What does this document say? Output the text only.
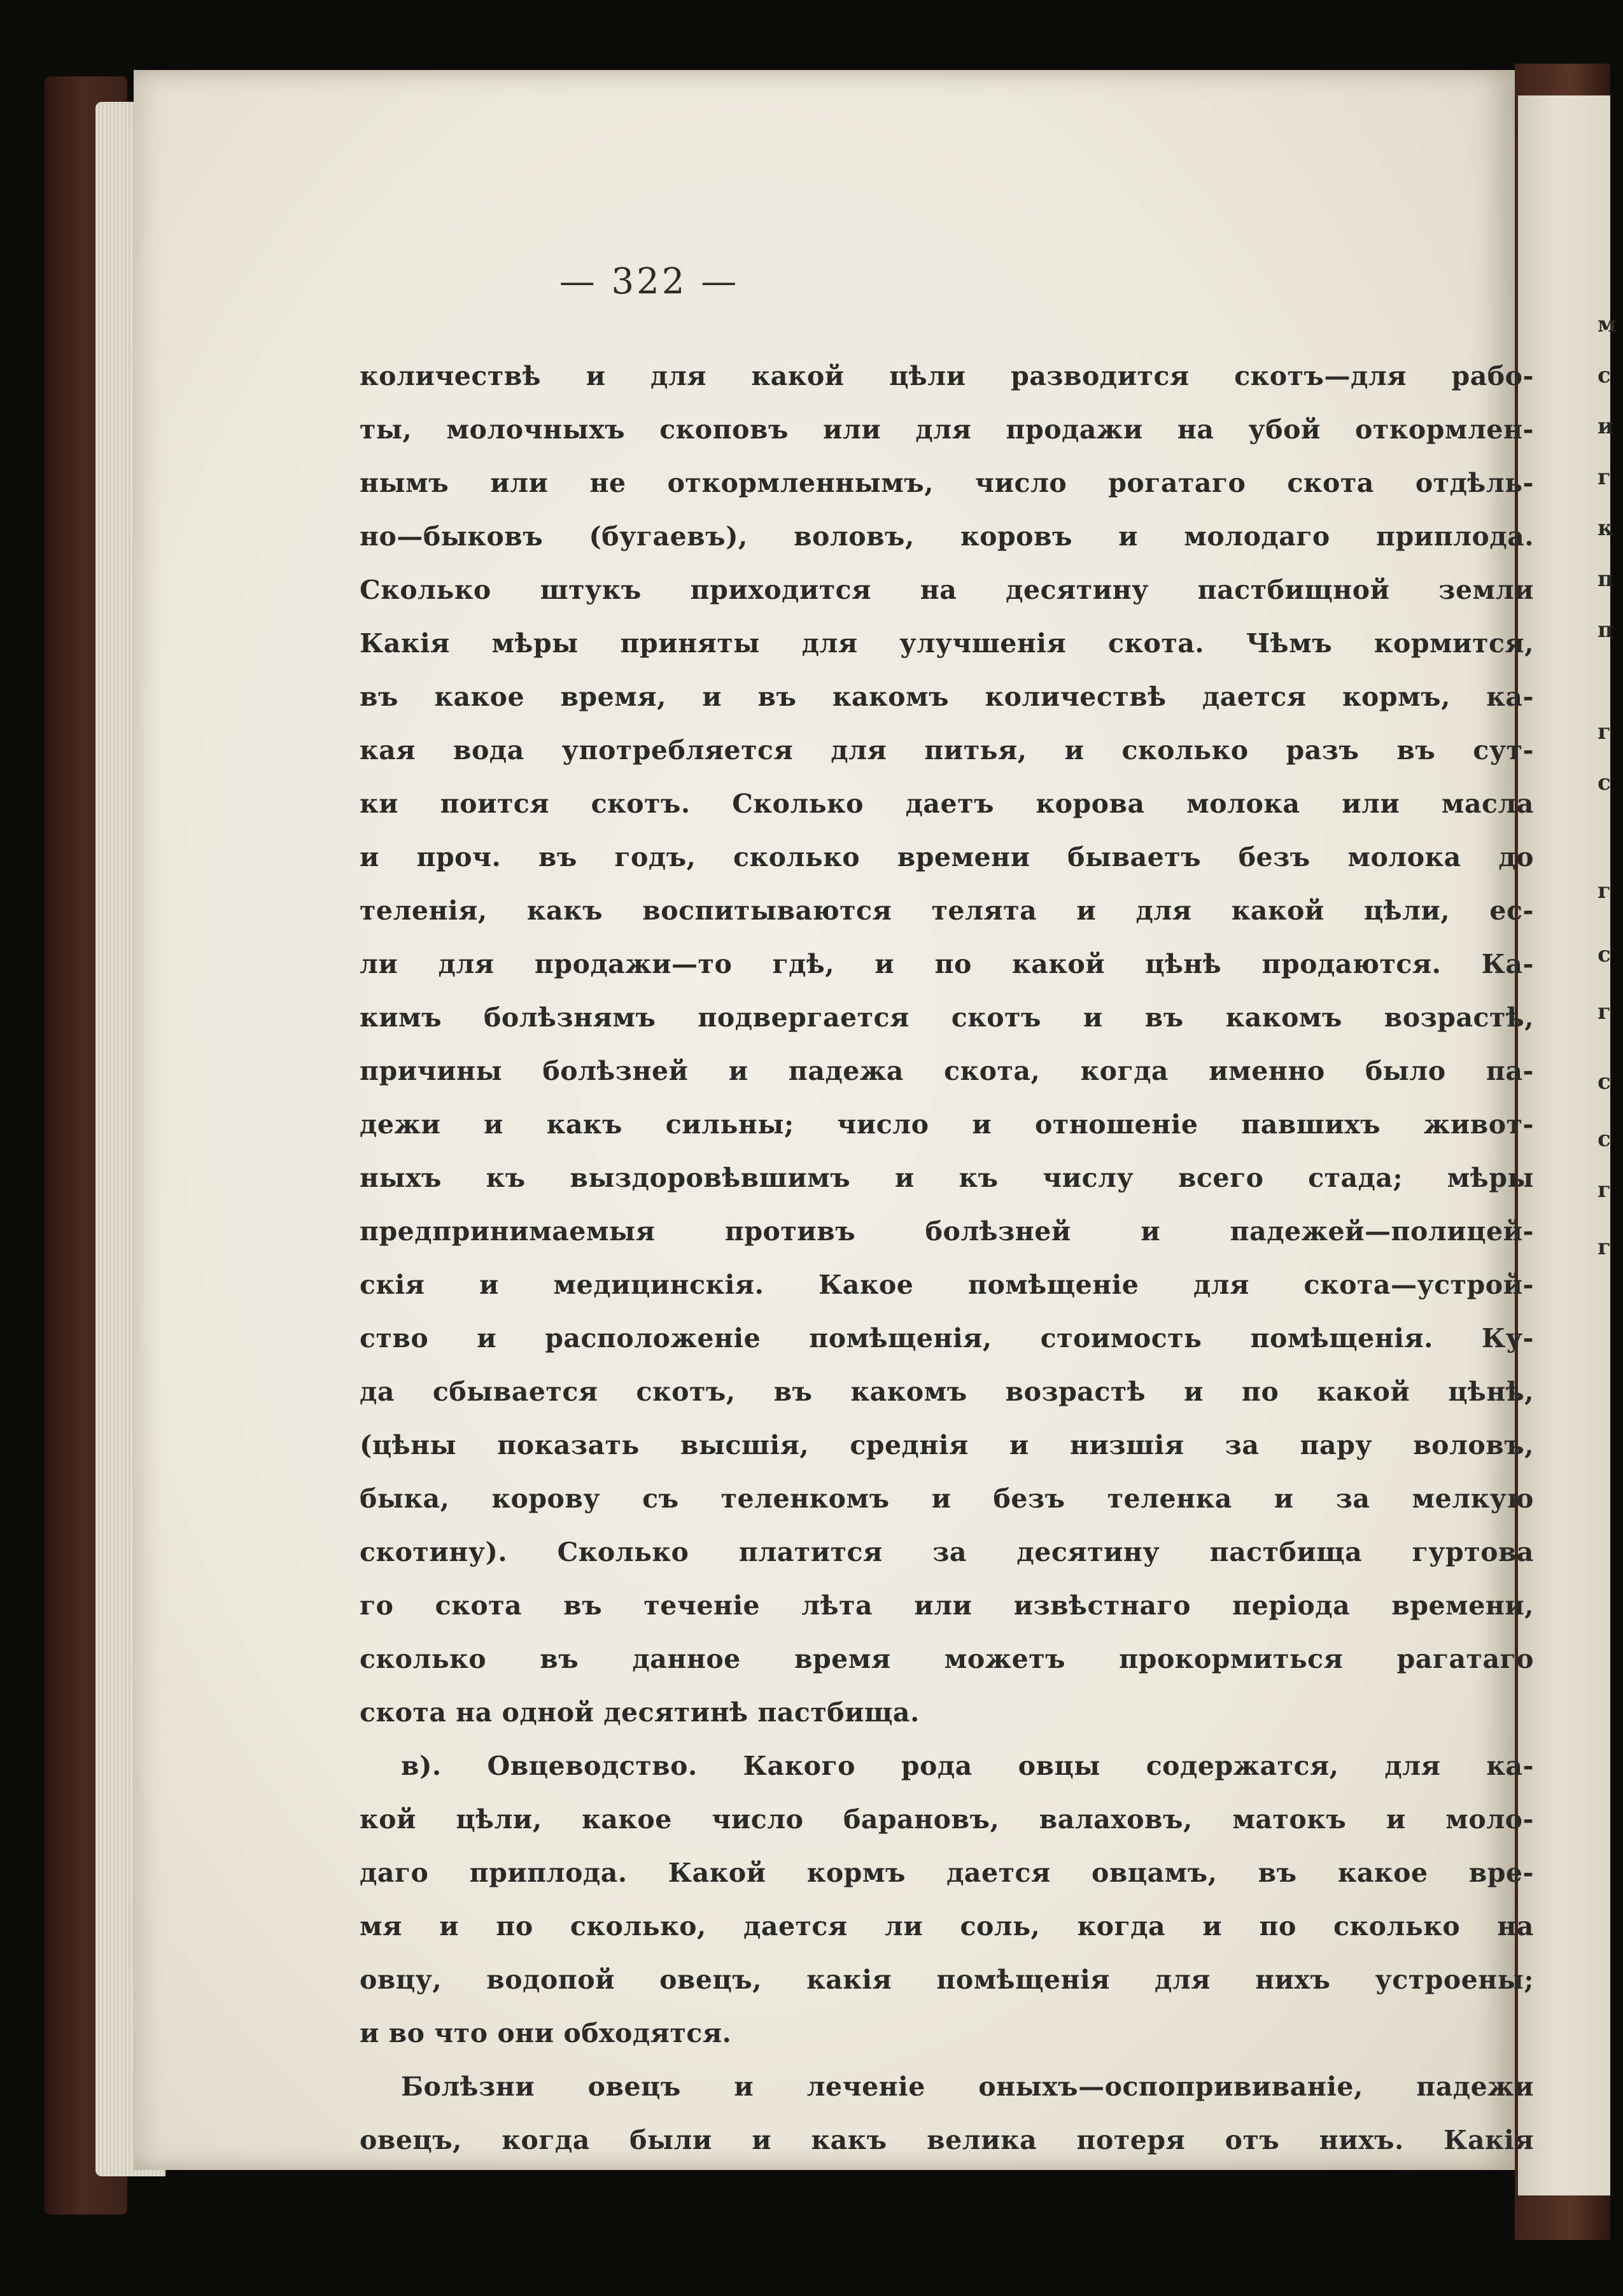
м
с
и
г
к
п
п
г
с
г
с
г
с
с
г
г
— 322 —
количествѣ и для какой цѣли разводится скотъ—для рабо-
ты, молочныхъ скоповъ или для продажи на убой откормлен-
нымъ или не откормленнымъ, число рогатаго скота отдѣль-
но—быковъ (бугаевъ), воловъ, коровъ и молодаго приплода.
Сколько штукъ приходится на десятину пастбищной земли
Какія мѣры приняты для улучшенія скота. Чѣмъ кормится,
въ какое время, и въ какомъ количествѣ дается кормъ, ка-
кая вода употребляется для питья, и сколько разъ въ сут-
ки поится скотъ. Сколько даетъ корова молока или масла
и проч. въ годъ, сколько времени бываетъ безъ молока до
теленія, какъ воспитываются телята и для какой цѣли, ес-
ли для продажи—то гдѣ, и по какой цѣнѣ продаются. Ка-
кимъ болѣзнямъ подвергается скотъ и въ какомъ возрастѣ,
причины болѣзней и падежа скота, когда именно было па-
дежи и какъ сильны; число и отношеніе павшихъ живот-
ныхъ къ выздоровѣвшимъ и къ числу всего стада; мѣры
предпринимаемыя противъ болѣзней и падежей—полицей-
скія и медицинскія. Какое помѣщеніе для скота—устрой-
ство и расположеніе помѣщенія, стоимость помѣщенія. Ку-
да сбывается скотъ, въ какомъ возрастѣ и по какой цѣнѣ,
(цѣны показать высшія, среднія и низшія за пару воловъ,
быка, корову съ теленкомъ и безъ теленка и за мелкую
скотину). Сколько платится за десятину пастбища гуртова
го скота въ теченіе лѣта или извѣстнаго періода времени,
сколько въ данное время можетъ прокормиться рагатаго
скота на одной десятинѣ пастбища.
в). Овцеводство. Какого рода овцы содержатся, для ка-
кой цѣли, какое число барановъ, валаховъ, матокъ и моло-
даго приплода. Какой кормъ дается овцамъ, въ какое вре-
мя и по сколько, дается ли соль, когда и по сколько на
овцу, водопой овецъ, какія помѣщенія для нихъ устроены;
и во что они обходятся.
Болѣзни овецъ и леченіе оныхъ—оспопрививаніе, падежи
овецъ, когда были и какъ велика потеря отъ нихъ. Какія
